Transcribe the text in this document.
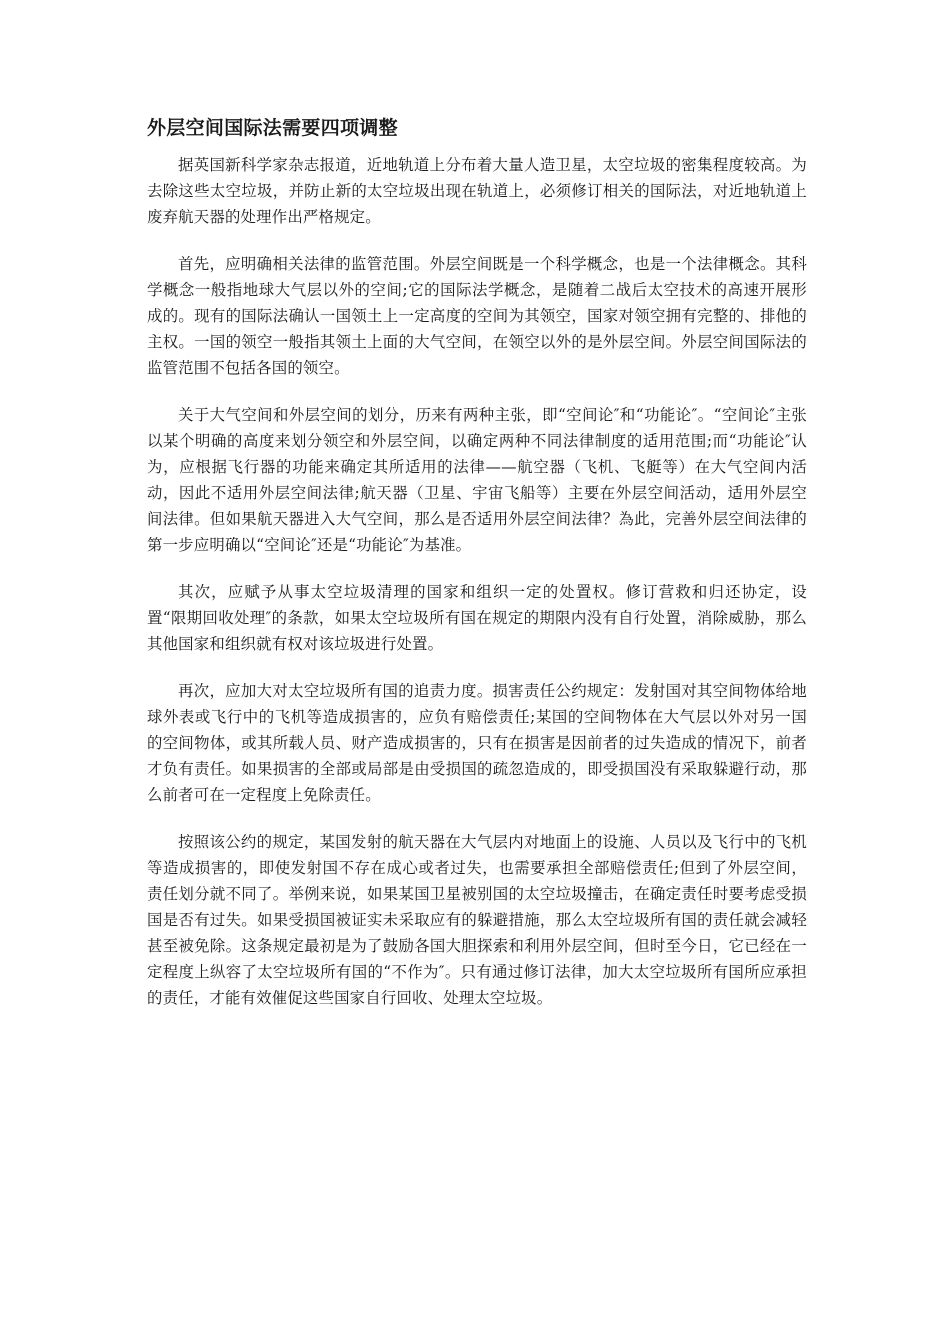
外层空间国际法需要四项调整

据英国新科学家杂志报道，近地轨道上分布着大量人造卫星，太空垃圾的密集程度较高。为去除这些太空垃圾，并防止新的太空垃圾出现在轨道上，必须修订相关的国际法，对近地轨道上废弃航天器的处理作出严格规定。

首先，应明确相关法律的监管范围。外层空间既是一个科学概念，也是一个法律概念。其科学概念一般指地球大气层以外的空间;它的国际法学概念，是随着二战后太空技术的高速开展形成的。现有的国际法确认一国领土上一定高度的空间为其领空，国家对领空拥有完整的、排他的主权。一国的领空一般指其领土上面的大气空间，在领空以外的是外层空间。外层空间国际法的监管范围不包括各国的领空。

关于大气空间和外层空间的划分，历来有两种主张，即“空间论″和“功能论″。“空间论″主张以某个明确的高度来划分领空和外层空间，以确定两种不同法律制度的适用范围;而“功能论″认为，应根据飞行器的功能来确定其所适用的法律——航空器（飞机、飞艇等）在大气空间内活动，因此不适用外层空间法律;航天器（卫星、宇宙飞船等）主要在外层空间活动，适用外层空间法律。但如果航天器进入大气空间，那么是否适用外层空间法律？為此，完善外层空间法律的第一步应明确以“空间论″还是“功能论″为基准。

其次，应赋予从事太空垃圾清理的国家和组织一定的处置权。修订营救和归还协定，设置“限期回收处理″的条款，如果太空垃圾所有国在规定的期限内没有自行处置，消除威胁，那么其他国家和组织就有权对该垃圾进行处置。

再次，应加大对太空垃圾所有国的追责力度。损害责任公约规定：发射国对其空间物体给地球外表或飞行中的飞机等造成损害的，应负有赔偿责任;某国的空间物体在大气层以外对另一国的空间物体，或其所载人员、财产造成损害的，只有在损害是因前者的过失造成的情况下，前者才负有责任。如果损害的全部或局部是由受损国的疏忽造成的，即受损国没有采取躲避行动，那么前者可在一定程度上免除责任。

按照该公约的规定，某国发射的航天器在大气层内对地面上的设施、人员以及飞行中的飞机等造成损害的，即使发射国不存在成心或者过失，也需要承担全部赔偿责任;但到了外层空间，责任划分就不同了。举例来说，如果某国卫星被别国的太空垃圾撞击，在确定责任时要考虑受损国是否有过失。如果受损国被证实未采取应有的躲避措施，那么太空垃圾所有国的责任就会减轻甚至被免除。这条规定最初是为了鼓励各国大胆探索和利用外层空间，但时至今日，它已经在一定程度上纵容了太空垃圾所有国的“不作为″。只有通过修订法律，加大太空垃圾所有国所应承担的责任，才能有效催促这些国家自行回收、处理太空垃圾。
